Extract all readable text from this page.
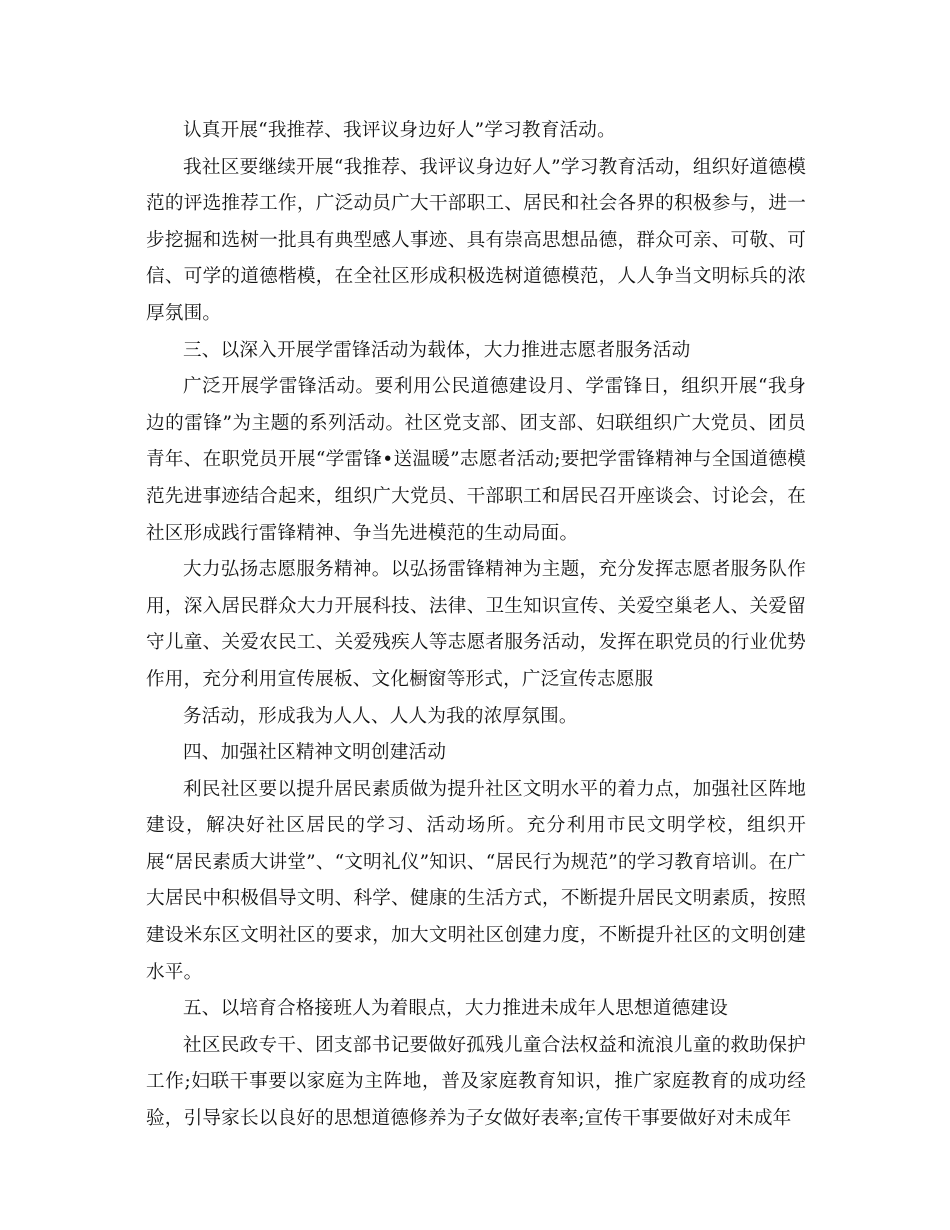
认真开展“我推荐、我评议身边好人”学习教育活动。

我社区要继续开展“我推荐、我评议身边好人”学习教育活动，组织好道德模范的评选推荐工作，广泛动员广大干部职工、居民和社会各界的积极参与，进一步挖掘和选树一批具有典型感人事迹、具有崇高思想品德，群众可亲、可敬、可信、可学的道德楷模，在全社区形成积极选树道德模范，人人争当文明标兵的浓厚氛围。

三、以深入开展学雷锋活动为载体，大力推进志愿者服务活动

广泛开展学雷锋活动。要利用公民道德建设月、学雷锋日，组织开展“我身边的雷锋”为主题的系列活动。社区党支部、团支部、妇联组织广大党员、团员青年、在职党员开展“学雷锋•送温暖”志愿者活动;要把学雷锋精神与全国道德模范先进事迹结合起来，组织广大党员、干部职工和居民召开座谈会、讨论会，在社区形成践行雷锋精神、争当先进模范的生动局面。

大力弘扬志愿服务精神。以弘扬雷锋精神为主题，充分发挥志愿者服务队作用，深入居民群众大力开展科技、法律、卫生知识宣传、关爱空巢老人、关爱留守儿童、关爱农民工、关爱残疾人等志愿者服务活动，发挥在职党员的行业优势作用，充分利用宣传展板、文化橱窗等形式，广泛宣传志愿服

务活动，形成我为人人、人人为我的浓厚氛围。

四、加强社区精神文明创建活动

利民社区要以提升居民素质做为提升社区文明水平的着力点，加强社区阵地建设，解决好社区居民的学习、活动场所。充分利用市民文明学校，组织开展“居民素质大讲堂”、“文明礼仪”知识、“居民行为规范”的学习教育培训。在广大居民中积极倡导文明、科学、健康的生活方式，不断提升居民文明素质，按照建设米东区文明社区的要求，加大文明社区创建力度，不断提升社区的文明创建水平。

五、以培育合格接班人为着眼点，大力推进未成年人思想道德建设

社区民政专干、团支部书记要做好孤残儿童合法权益和流浪儿童的救助保护工作;妇联干事要以家庭为主阵地，普及家庭教育知识，推广家庭教育的成功经验，引导家长以良好的思想道德修养为子女做好表率;宣传干事要做好对未成年
